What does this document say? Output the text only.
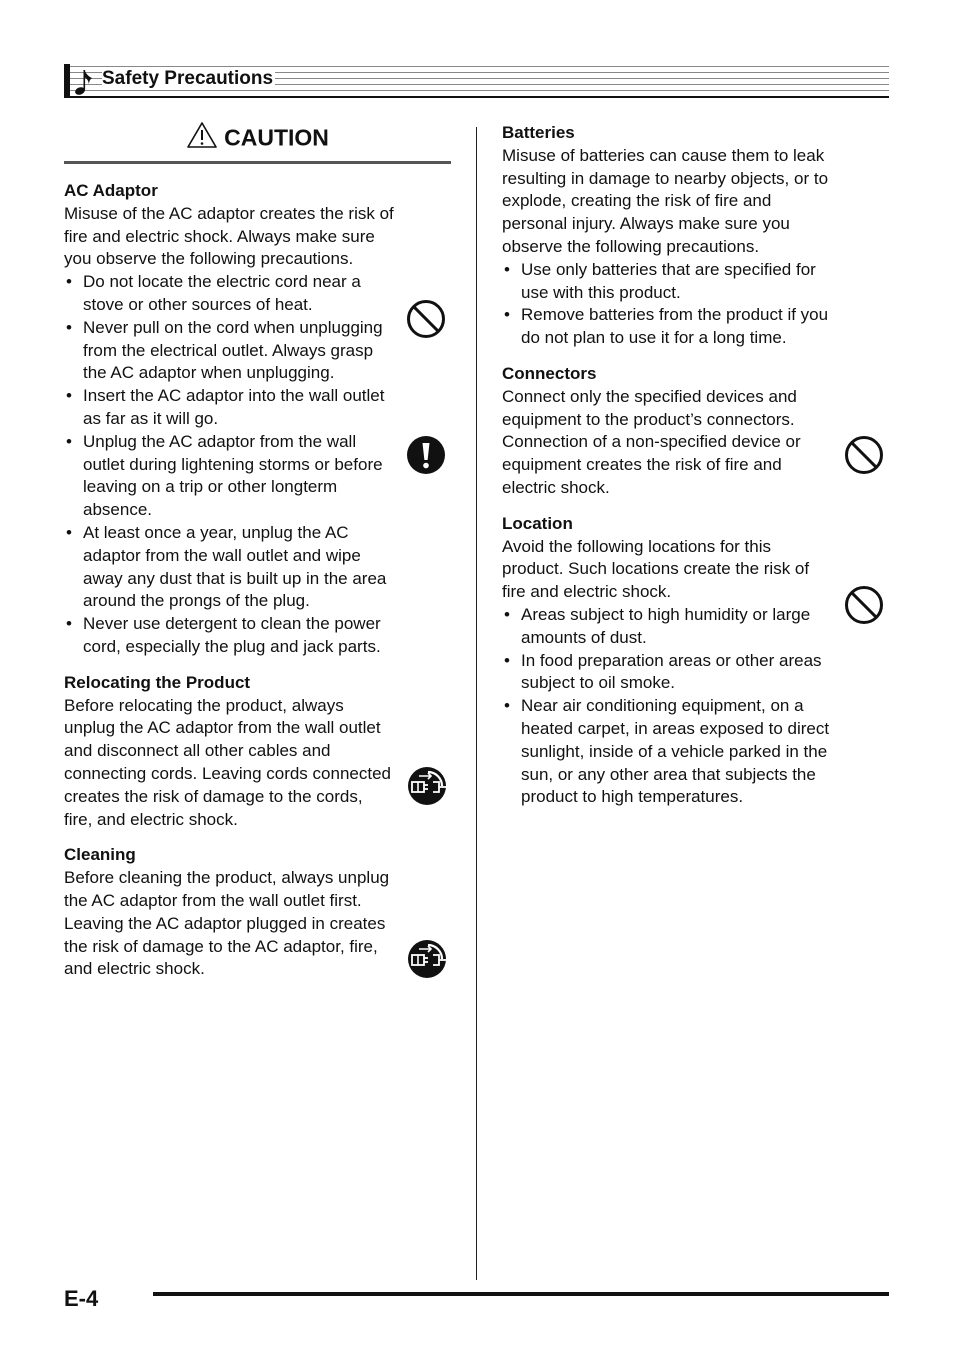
Safety Precautions
CAUTION
AC Adaptor

Misuse of the AC adaptor creates the risk of fire and electric shock. Always make sure you observe the following precautions.

• Do not locate the electric cord near a stove or other sources of heat.
• Never pull on the cord when unplugging from the electrical outlet. Always grasp the AC adaptor when unplugging.
• Insert the AC adaptor into the wall outlet as far as it will go.
• Unplug the AC adaptor from the wall outlet during lightening storms or before leaving on a trip or other longterm absence.
• At least once a year, unplug the AC adaptor from the wall outlet and wipe away any dust that is built up in the area around the prongs of the plug.
• Never use detergent to clean the power cord, especially the plug and jack parts.
Relocating the Product

Before relocating the product, always unplug the AC adaptor from the wall outlet and disconnect all other cables and connecting cords. Leaving cords connected creates the risk of damage to the cords, fire, and electric shock.

Cleaning

Before cleaning the product, always unplug the AC adaptor from the wall outlet first. Leaving the AC adaptor plugged in creates the risk of damage to the AC adaptor, fire, and electric shock.

Batteries

Misuse of batteries can cause them to leak resulting in damage to nearby objects, or to explode, creating the risk of fire and personal injury. Always make sure you observe the following precautions.

• Use only batteries that are specified for use with this product.
• Remove batteries from the product if you do not plan to use it for a long time.
Connectors

Connect only the specified devices and equipment to the product’s connectors. Connection of a non-specified device or equipment creates the risk of fire and electric shock.

Location

Avoid the following locations for this product. Such locations create the risk of fire and electric shock.

• Areas subject to high humidity or large amounts of dust.
• In food preparation areas or other areas subject to oil smoke.
• Near air conditioning equipment, on a heated carpet, in areas exposed to direct sunlight, inside of a vehicle parked in the sun, or any other area that subjects the product to high temperatures.
E-4
